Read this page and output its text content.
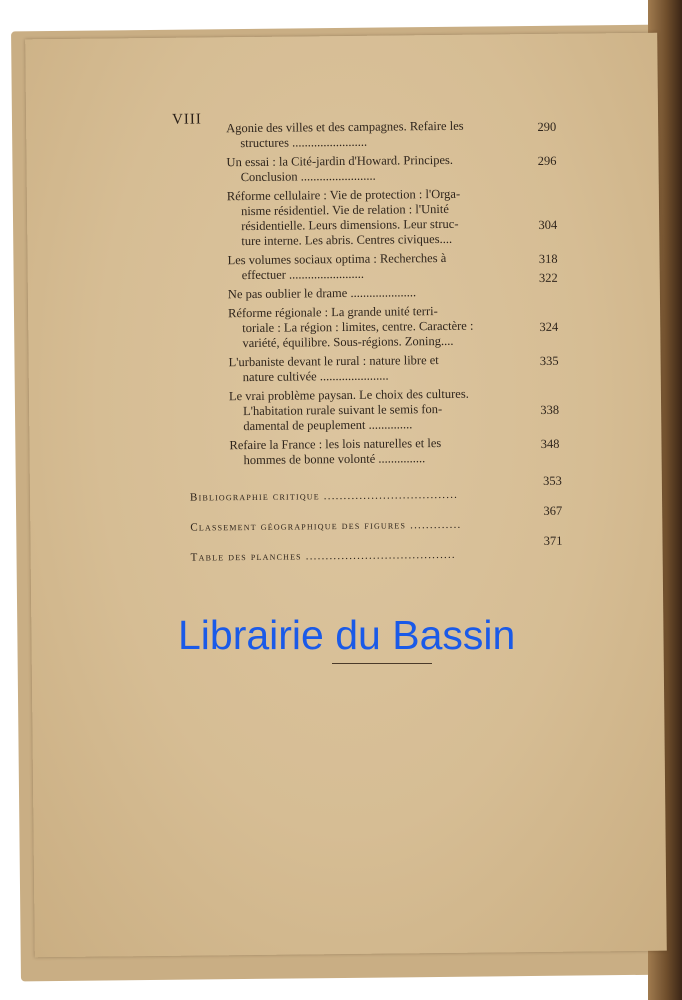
VIII Agonie des villes et des campagnes. Refaire les
structures ........................
290
Un essai : la Cité-jardin d'Howard. Principes.
Conclusion ........................
296
Réforme cellulaire : Vie de protection : l'Orga-
nisme résidentiel. Vie de relation : l'Unité
résidentielle. Leurs dimensions. Leur struc-
ture interne. Les abris. Centres civiques....
304
Les volumes sociaux optima : Recherches à
effectuer ........................
318
Ne pas oublier le drame .....................
322
Réforme régionale : La grande unité terri-
toriale : La région : limites, centre. Caractère :
variété, équilibre. Sous-régions. Zoning....
324
L'urbaniste devant le rural : nature libre et
nature cultivée ......................
335
Le vrai problème paysan. Le choix des cultures.
L'habitation rurale suivant le semis fon-
damental de peuplement ..............
338
Refaire la France : les lois naturelles et les
hommes de bonne volonté ...............
348
Bibliographie critique ..................................
353
Classement géographique des figures .............
367
Table des planches ......................................
371
Librairie du Bassin
